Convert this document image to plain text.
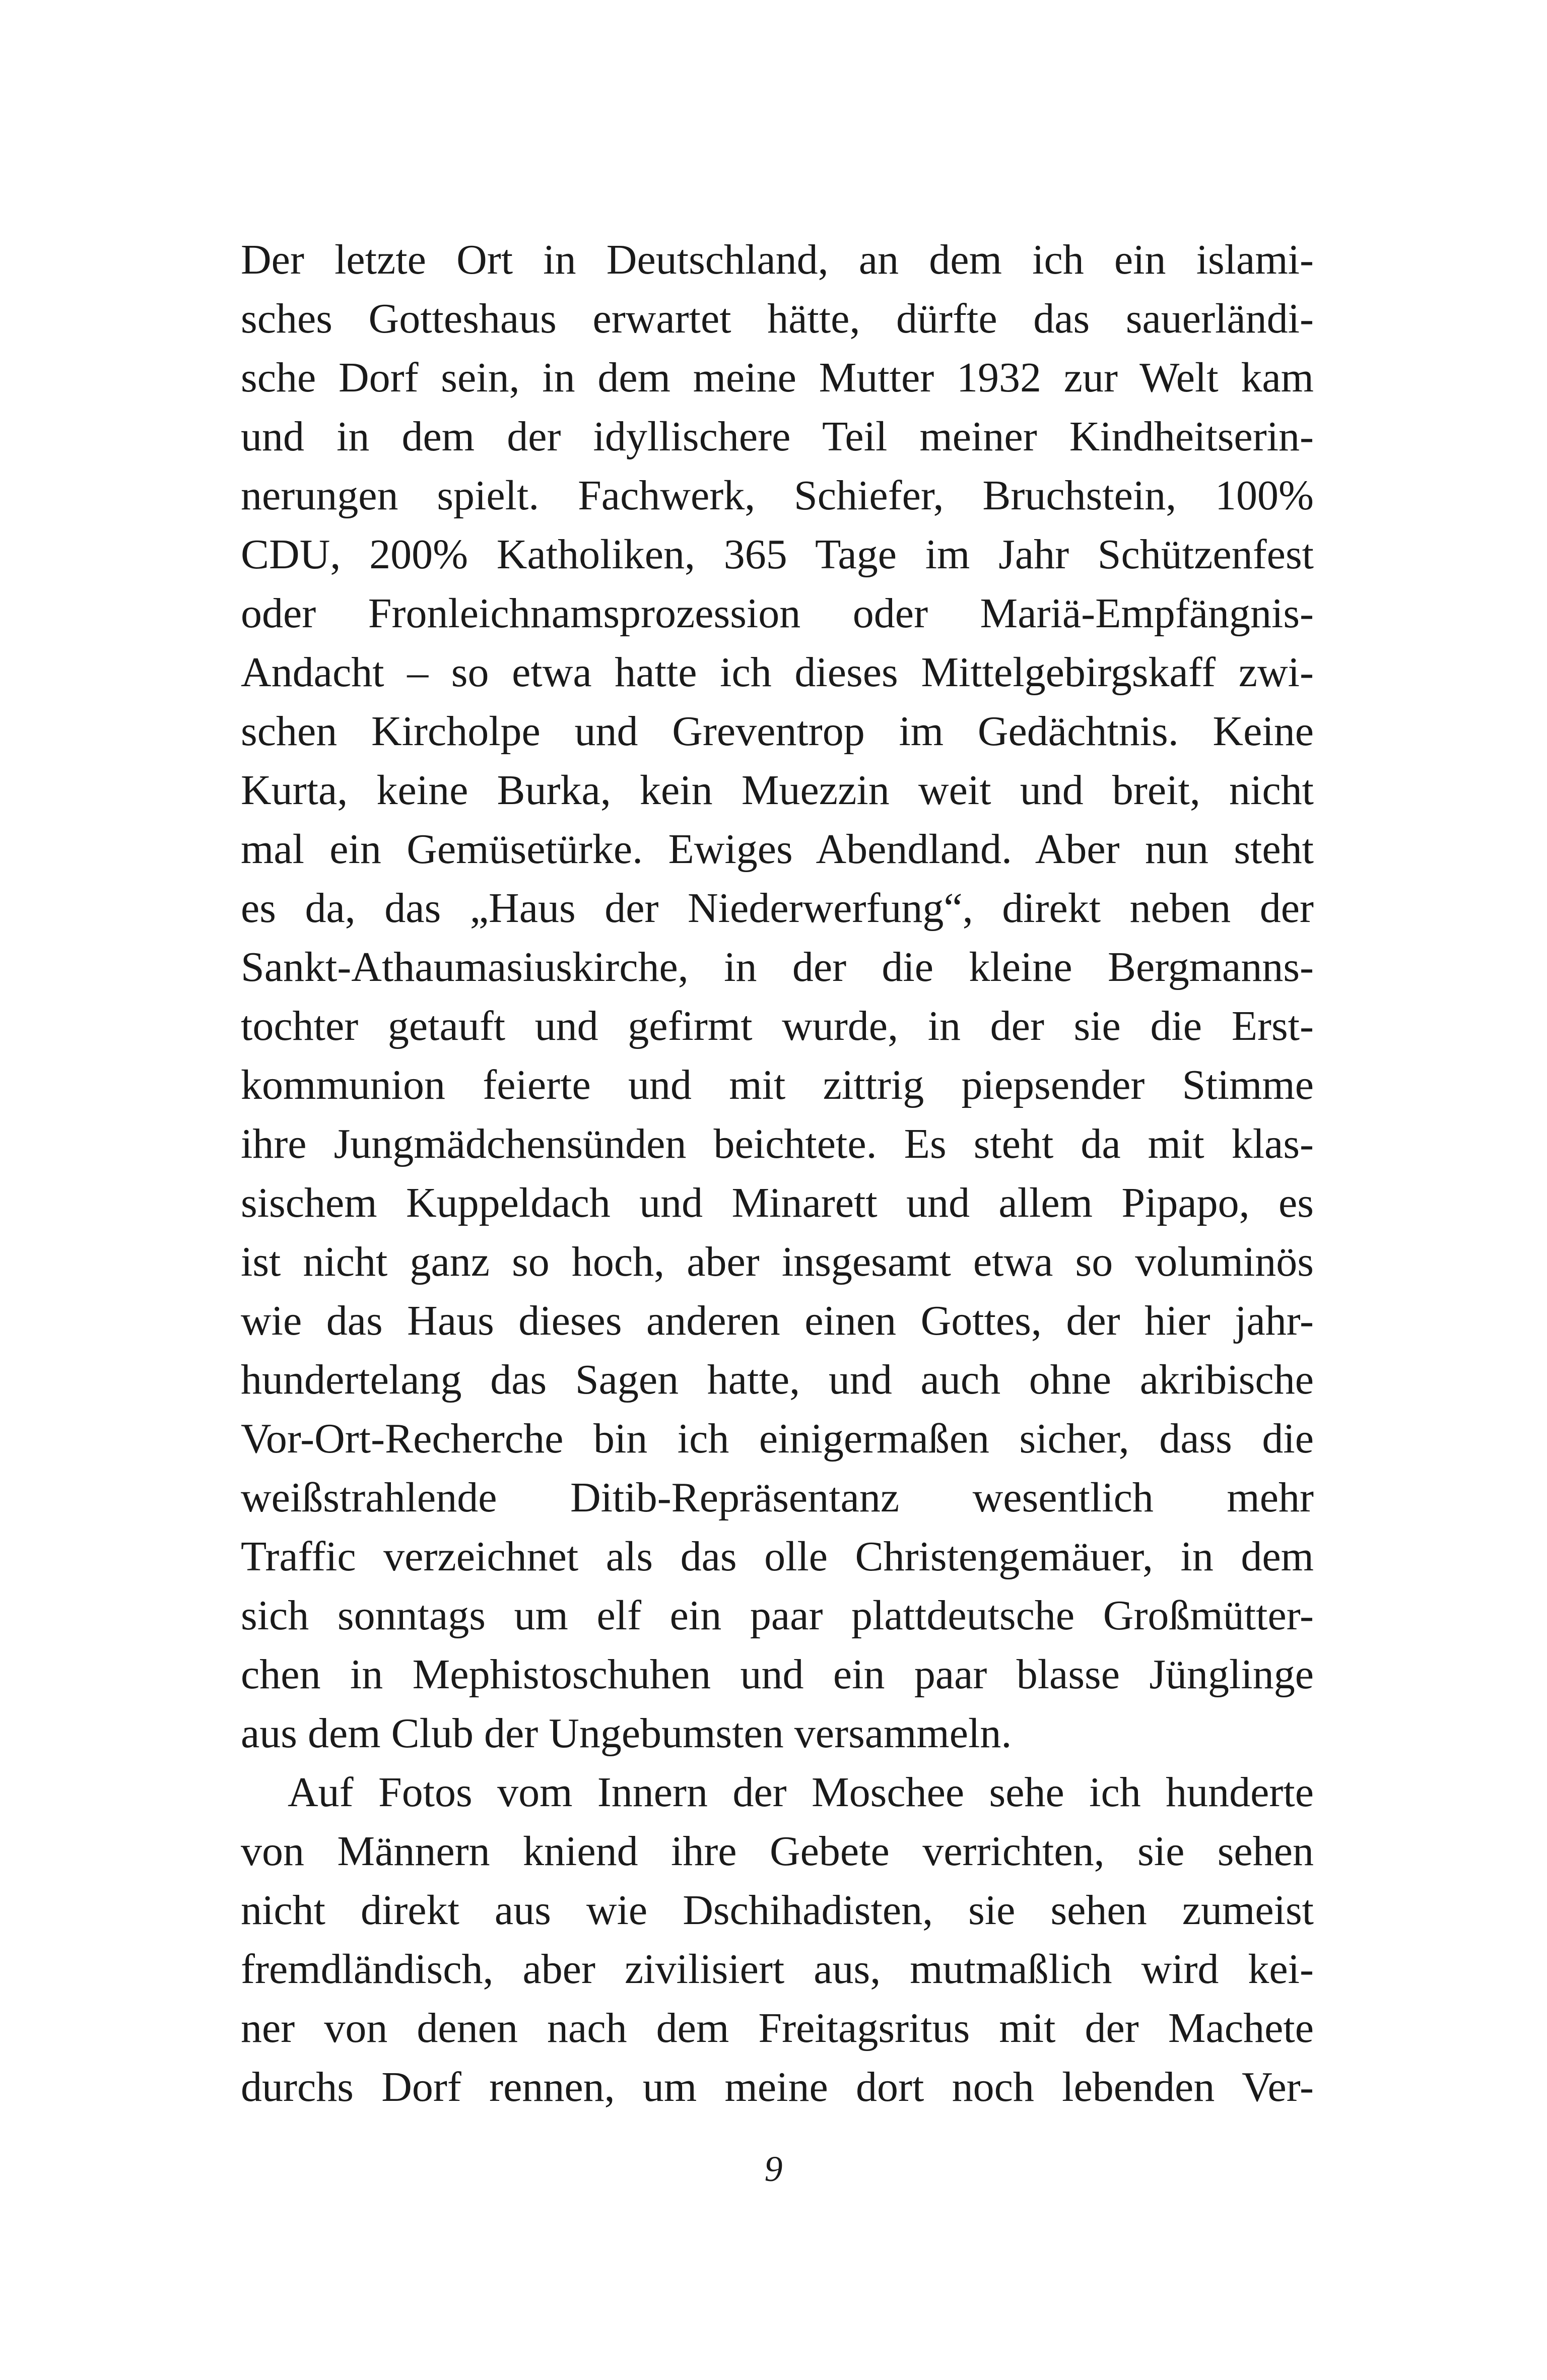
Der letzte Ort in Deutschland, an dem ich ein islami-
sches Gotteshaus erwartet hätte, dürfte das sauerländi-
sche Dorf sein, in dem meine Mutter 1932 zur Welt kam
und in dem der idyllischere Teil meiner Kindheitserin-
nerungen spielt. Fachwerk, Schiefer, Bruchstein, 100%
CDU, 200% Katholiken, 365 Tage im Jahr Schützenfest
oder Fronleichnamsprozession oder Mariä-Empfängnis-
Andacht – so etwa hatte ich dieses Mittelgebirgskaff zwi-
schen Kircholpe und Greventrop im Gedächtnis. Keine
Kurta, keine Burka, kein Muezzin weit und breit, nicht
mal ein Gemüsetürke. Ewiges Abendland. Aber nun steht
es da, das „Haus der Niederwerfung“, direkt neben der
Sankt-Athaumasiuskirche, in der die kleine Bergmanns-
tochter getauft und gefirmt wurde, in der sie die Erst-
kommunion feierte und mit zittrig piepsender Stimme
ihre Jungmädchensünden beichtete. Es steht da mit klas-
sischem Kuppeldach und Minarett und allem Pipapo, es
ist nicht ganz so hoch, aber insgesamt etwa so voluminös
wie das Haus dieses anderen einen Gottes, der hier jahr-
hundertelang das Sagen hatte, und auch ohne akribische
Vor-Ort-Recherche bin ich einigermaßen sicher, dass die
weißstrahlende Ditib-Repräsentanz wesentlich mehr
Traffic verzeichnet als das olle Christengemäuer, in dem
sich sonntags um elf ein paar plattdeutsche Großmütter-
chen in Mephistoschuhen und ein paar blasse Jünglinge
aus dem Club der Ungebumsten versammeln.
Auf Fotos vom Innern der Moschee sehe ich hunderte
von Männern kniend ihre Gebete verrichten, sie sehen
nicht direkt aus wie Dschihadisten, sie sehen zumeist
fremdländisch, aber zivilisiert aus, mutmaßlich wird kei-
ner von denen nach dem Freitagsritus mit der Machete
durchs Dorf rennen, um meine dort noch lebenden Ver-
9
